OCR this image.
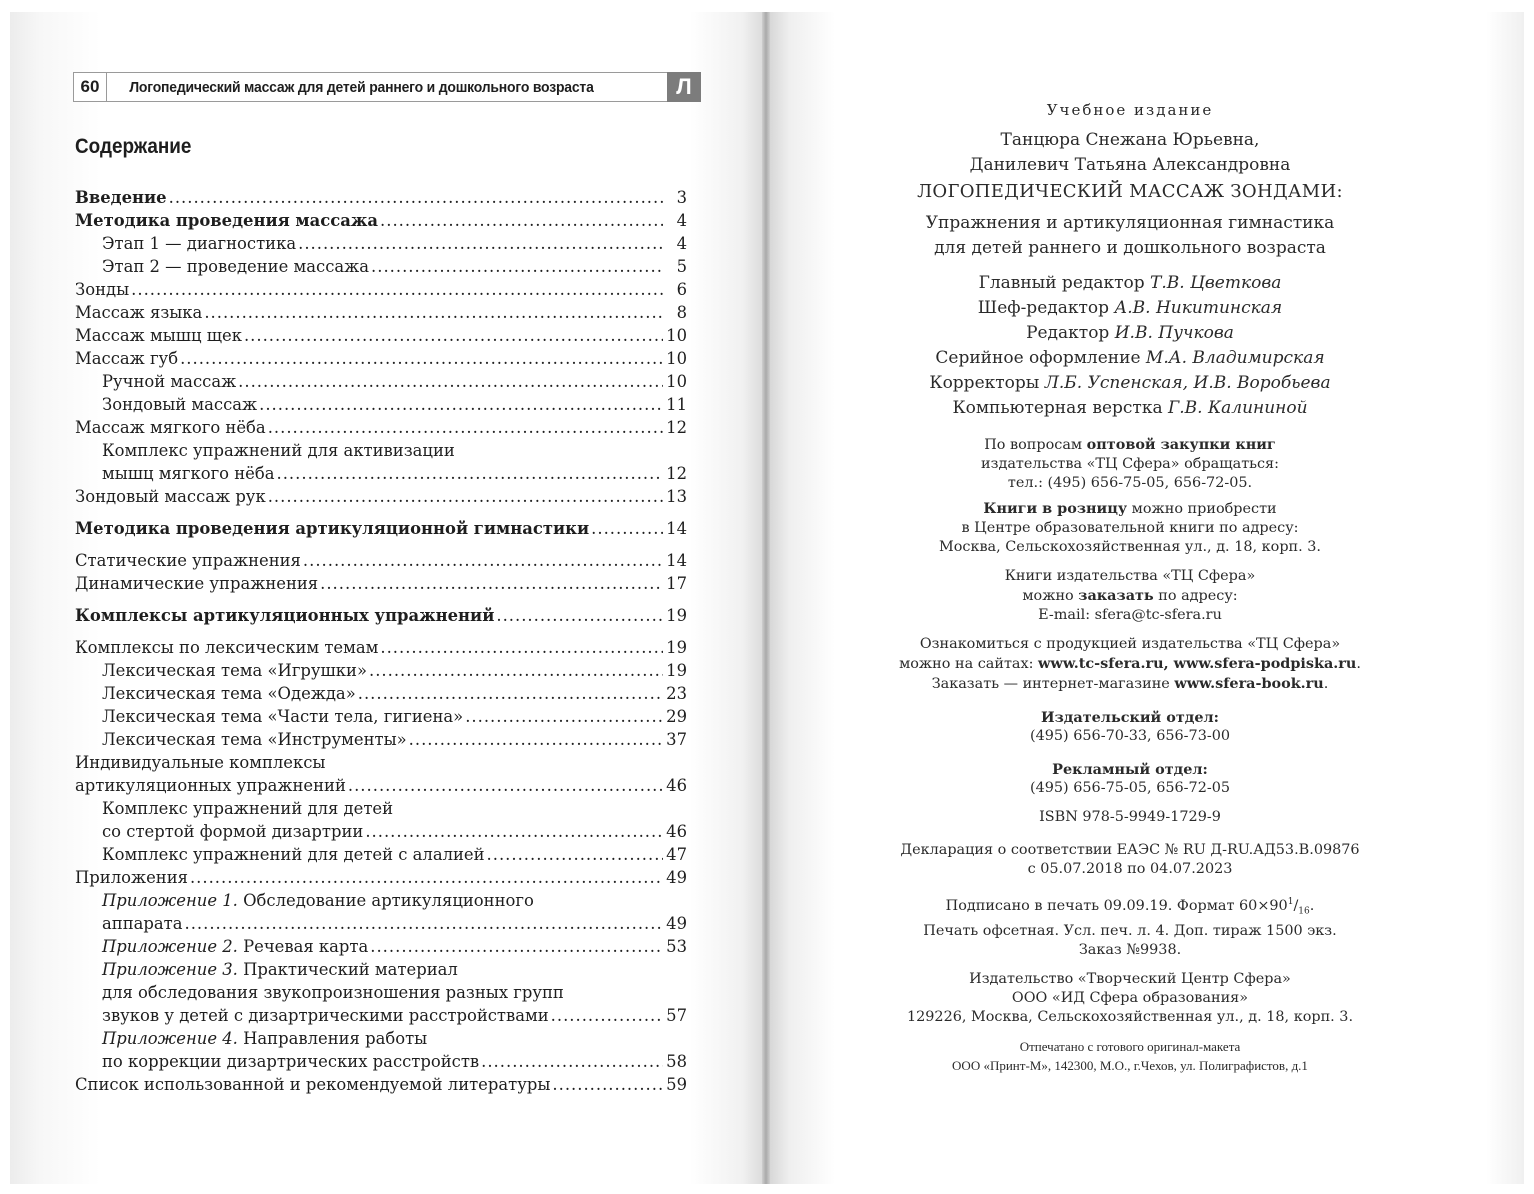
60	Логопедический массаж для детей раннего и дошкольного возраста	Л
Содержание
Введение .....	3
Методика проведения массажа .....	4
Этап 1 — диагностика .....	4
Этап 2 — проведение массажа .....	5
Зонды .....	6
Массаж языка .....	8
Массаж мышц щек .....	10
Массаж губ .....	10
Ручной массаж .....	10
Зондовый массаж .....	11
Массаж мягкого нёба .....	12
Комплекс упражнений для активизации
мышц мягкого нёба .....	12
Зондовый массаж рук .....	13
Методика проведения артикуляционной гимнастики .....	14
Статические упражнения .....	14
Динамические упражнения .....	17
Комплексы артикуляционных упражнений .....	19
Комплексы по лексическим темам .....	19
Лексическая тема «Игрушки» .....	19
Лексическая тема «Одежда» .....	23
Лексическая тема «Части тела, гигиена» .....	29
Лексическая тема «Инструменты» .....	37
Индивидуальные комплексы
артикуляционных упражнений .....	46
Комплекс упражнений для детей
со стертой формой дизартрии .....	46
Комплекс упражнений для детей с алалией .....	47
Приложения .....	49
Приложение 1. Обследование артикуляционного
аппарата .....	49
Приложение 2. Речевая карта .....	53
Приложение 3. Практический материал
для обследования звукопроизношения разных групп
звуков у детей с дизартрическими расстройствами .....	57
Приложение 4. Направления работы
по коррекции дизартрических расстройств .....	58
Список использованной и рекомендуемой литературы .....	59
Учебное издание
Танцюра Снежана Юрьевна,
Данилевич Татьяна Александровна
ЛОГОПЕДИЧЕСКИЙ МАССАЖ ЗОНДАМИ:
Упражнения и артикуляционная гимнастика
для детей раннего и дошкольного возраста
Главный редактор Т.В. Цветкова
Шеф-редактор А.В. Никитинская
Редактор И.В. Пучкова
Серийное оформление М.А. Владимирская
Корректоры Л.Б. Успенская, И.В. Воробьева
Компьютерная верстка Г.В. Калининой
По вопросам оптовой закупки книг
издательства «ТЦ Сфера» обращаться:
тел.: (495) 656-75-05, 656-72-05.
Книги в розницу можно приобрести
в Центре образовательной книги по адресу:
Москва, Сельскохозяйственная ул., д. 18, корп. 3.
Книги издательства «ТЦ Сфера»
можно заказать по адресу:
E-mail: sfera@tc-sfera.ru
Ознакомиться с продукцией издательства «ТЦ Сфера»
можно на сайтах: www.tc-sfera.ru, www.sfera-podpiska.ru.
Заказать — интернет-магазине www.sfera-book.ru.
Издательский отдел:
(495) 656-70-33, 656-73-00
Рекламный отдел:
(495) 656-75-05, 656-72-05
ISBN 978-5-9949-1729-9
Декларация о соответствии ЕАЭС № RU Д-RU.АД53.В.09876
с 05.07.2018 по 04.07.2023
Подписано в печать 09.09.19. Формат $60\times 90^1/_{16}$.
Печать офсетная. Усл. печ. л. 4. Доп. тираж 1500 экз.
Заказ №9938.
Издательство «Творческий Центр Сфера»
ООО «ИД Сфера образования»
129226, Москва, Сельскохозяйственная ул., д. 18, корп. 3.
Отпечатано с готового оригинал-макета
ООО «Принт-М», 142300, М.О., г.Чехов, ул. Полиграфистов, д.1
